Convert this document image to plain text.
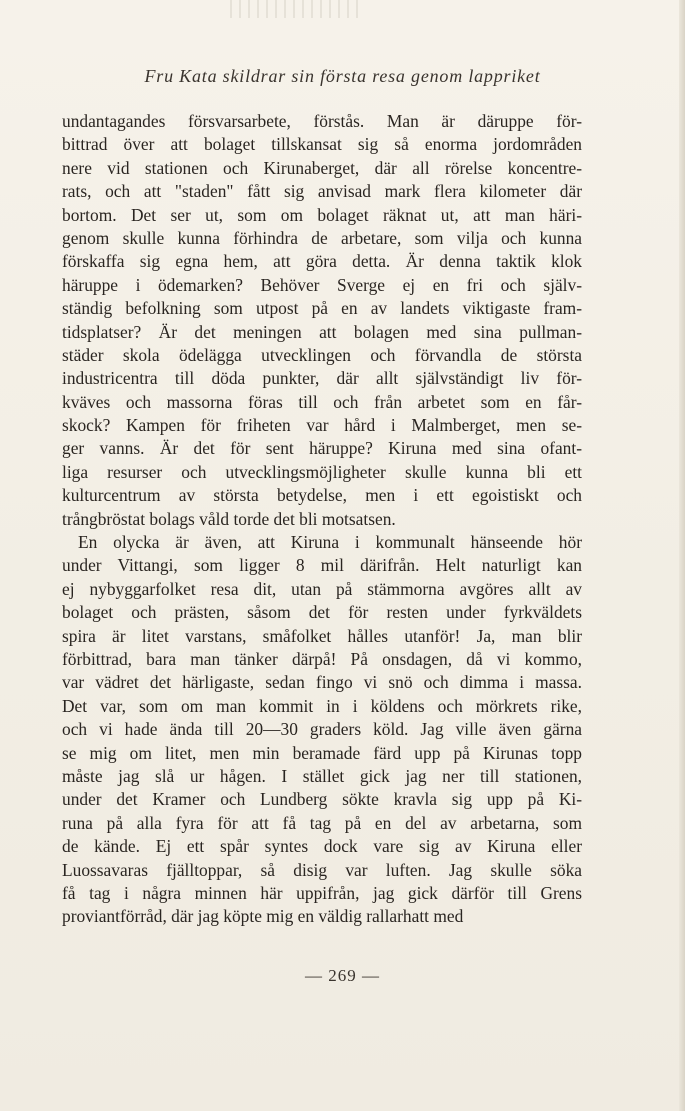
Fru Kata skildrar sin första resa genom lappriket
undantagandes försvarsarbete, förstås. Man är däruppe för-
bittrad över att bolaget tillskansat sig så enorma jordområden
nere vid stationen och Kirunaberget, där all rörelse koncentre-
rats, och att "staden" fått sig anvisad mark flera kilometer där
bortom. Det ser ut, som om bolaget räknat ut, att man häri-
genom skulle kunna förhindra de arbetare, som vilja och kunna
förskaffa sig egna hem, att göra detta. Är denna taktik klok
häruppe i ödemarken? Behöver Sverge ej en fri och själv-
ständig befolkning som utpost på en av landets viktigaste fram-
tidsplatser? Är det meningen att bolagen med sina pullman-
städer skola ödelägga utvecklingen och förvandla de största
industricentra till döda punkter, där allt självständigt liv för-
kväves och massorna föras till och från arbetet som en får-
skock? Kampen för friheten var hård i Malmberget, men se-
ger vanns. Är det för sent häruppe? Kiruna med sina ofant-
liga resurser och utvecklingsmöjligheter skulle kunna bli ett
kulturcentrum av största betydelse, men i ett egoistiskt och
trångbröstat bolags våld torde det bli motsatsen.
En olycka är även, att Kiruna i kommunalt hänseende hör
under Vittangi, som ligger 8 mil därifrån. Helt naturligt kan
ej nybyggarfolket resa dit, utan på stämmorna avgöres allt av
bolaget och prästen, såsom det för resten under fyrkväldets
spira är litet varstans, småfolket hålles utanför! Ja, man blir
förbittrad, bara man tänker därpå! På onsdagen, då vi kommo,
var vädret det härligaste, sedan fingo vi snö och dimma i massa.
Det var, som om man kommit in i köldens och mörkrets rike,
och vi hade ända till 20—30 graders köld. Jag ville även gärna
se mig om litet, men min beramade färd upp på Kirunas topp
måste jag slå ur hågen. I stället gick jag ner till stationen,
under det Kramer och Lundberg sökte kravla sig upp på Ki-
runa på alla fyra för att få tag på en del av arbetarna, som
de kände. Ej ett spår syntes dock vare sig av Kiruna eller
Luossavaras fjälltoppar, så disig var luften. Jag skulle söka
få tag i några minnen här uppifrån, jag gick därför till Grens
proviantförråd, där jag köpte mig en väldig rallarhatt med
— 269 —
